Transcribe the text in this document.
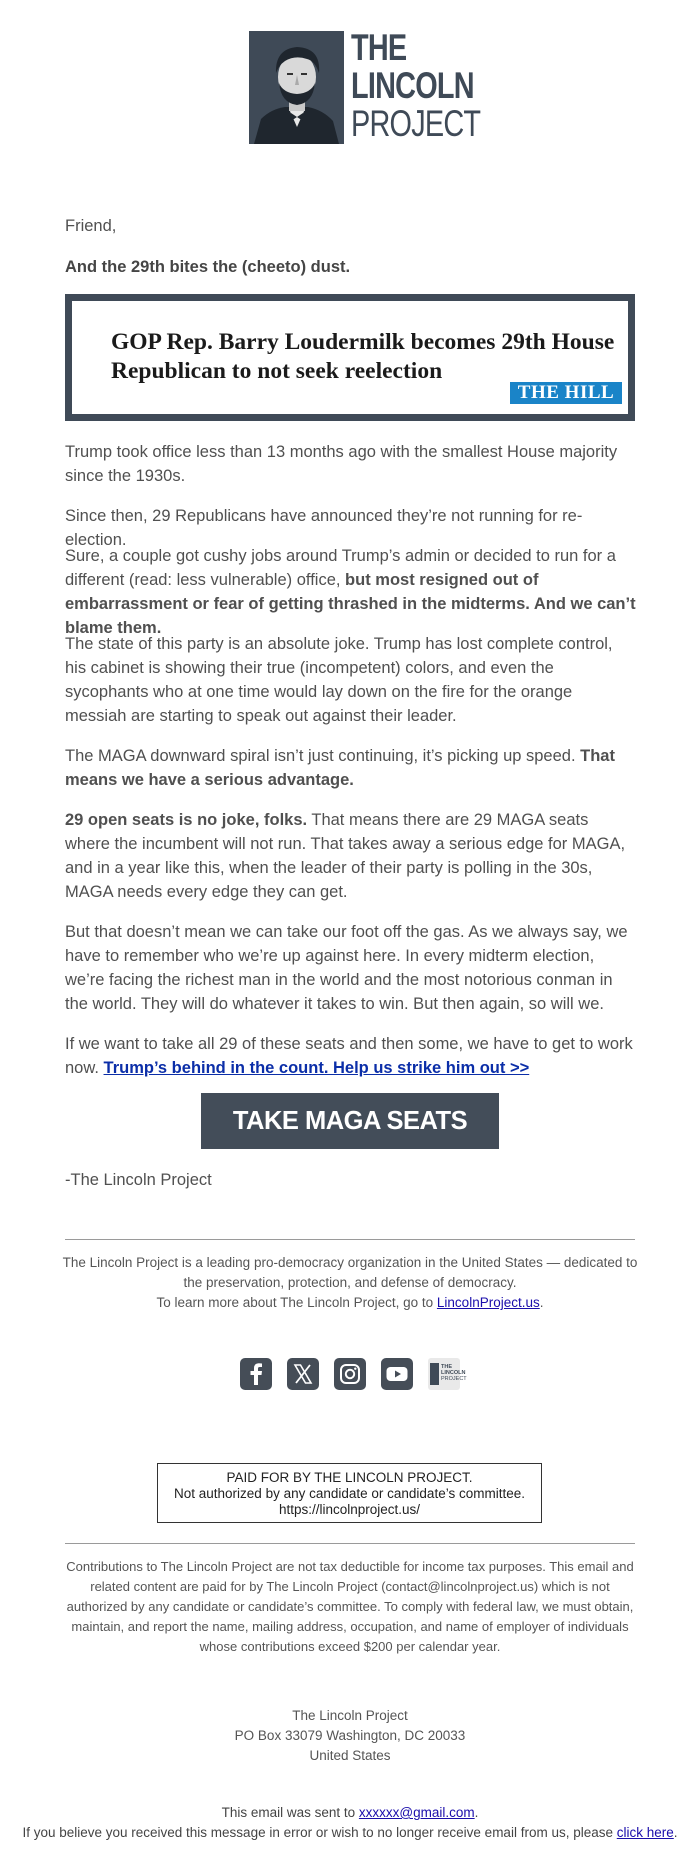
THE
LINCOLN
PROJECT

Friend,

And the 29th bites the (cheeto) dust.

GOP Rep. Barry Loudermilk becomes 29th House
Republican to not seek reelection
THE HILL

Trump took office less than 13 months ago with the smallest House majority since the 1930s.

Since then, 29 Republicans have announced they’re not running for re-election.

Sure, a couple got cushy jobs around Trump’s admin or decided to run for a different (read: less vulnerable) office, but most resigned out of embarrassment or fear of getting thrashed in the midterms. And we can’t blame them.

The state of this party is an absolute joke. Trump has lost complete control, his cabinet is showing their true (incompetent) colors, and even the sycophants who at one time would lay down on the fire for the orange messiah are starting to speak out against their leader.

The MAGA downward spiral isn’t just continuing, it’s picking up speed. That means we have a serious advantage.

29 open seats is no joke, folks. That means there are 29 MAGA seats where the incumbent will not run. That takes away a serious edge for MAGA, and in a year like this, when the leader of their party is polling in the 30s, MAGA needs every edge they can get.

But that doesn’t mean we can take our foot off the gas. As we always say, we have to remember who we’re up against here. In every midterm election, we’re facing the richest man in the world and the most notorious conman in the world. They will do whatever it takes to win. But then again, so will we.

If we want to take all 29 of these seats and then some, we have to get to work now. Trump’s behind in the count. Help us strike him out >>

TAKE MAGA SEATS

-The Lincoln Project

The Lincoln Project is a leading pro-democracy organization in the United States — dedicated to
the preservation, protection, and defense of democracy.
To learn more about The Lincoln Project, go to LincolnProject.us.
THE
LINCOLN
PROJECT
PAID FOR BY THE LINCOLN PROJECT.
Not authorized by any candidate or candidate’s committee.
https://lincolnproject.us/
Contributions to The Lincoln Project are not tax deductible for income tax purposes. This email and
related content are paid for by The Lincoln Project (contact@lincolnproject.us) which is not
authorized by any candidate or candidate’s committee. To comply with federal law, we must obtain,
maintain, and report the name, mailing address, occupation, and name of employer of individuals
whose contributions exceed $200 per calendar year.
The Lincoln Project
PO Box 33079 Washington, DC 20033
United States
This email was sent to xxxxxx@gmail.com.
If you believe you received this message in error or wish to no longer receive email from us, please click here.
